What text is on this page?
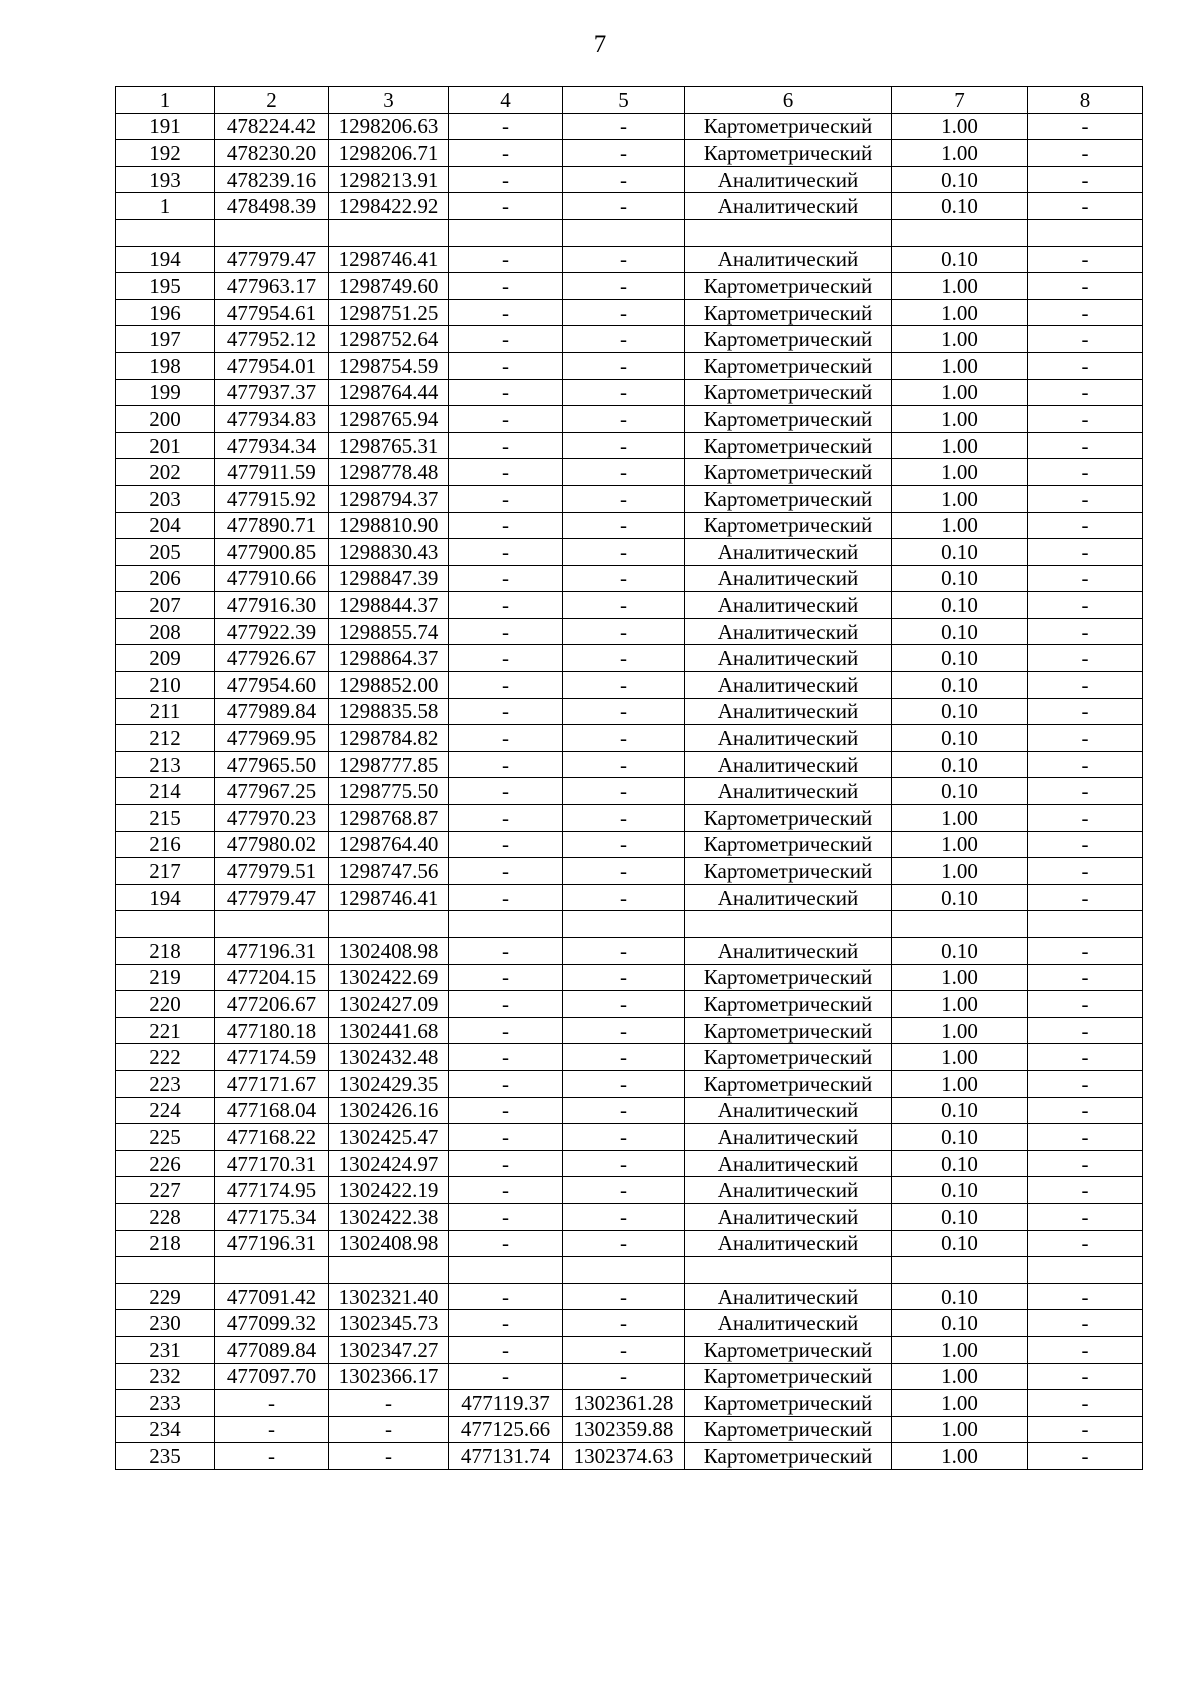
7
1	2	3	4	5	6	7	8
191	478224.42	1298206.63	-	-	Картометрический	1.00	-
192	478230.20	1298206.71	-	-	Картометрический	1.00	-
193	478239.16	1298213.91	-	-	Аналитический	0.10	-
1	478498.39	1298422.92	-	-	Аналитический	0.10	-

194	477979.47	1298746.41	-	-	Аналитический	0.10	-
195	477963.17	1298749.60	-	-	Картометрический	1.00	-
196	477954.61	1298751.25	-	-	Картометрический	1.00	-
197	477952.12	1298752.64	-	-	Картометрический	1.00	-
198	477954.01	1298754.59	-	-	Картометрический	1.00	-
199	477937.37	1298764.44	-	-	Картометрический	1.00	-
200	477934.83	1298765.94	-	-	Картометрический	1.00	-
201	477934.34	1298765.31	-	-	Картометрический	1.00	-
202	477911.59	1298778.48	-	-	Картометрический	1.00	-
203	477915.92	1298794.37	-	-	Картометрический	1.00	-
204	477890.71	1298810.90	-	-	Картометрический	1.00	-
205	477900.85	1298830.43	-	-	Аналитический	0.10	-
206	477910.66	1298847.39	-	-	Аналитический	0.10	-
207	477916.30	1298844.37	-	-	Аналитический	0.10	-
208	477922.39	1298855.74	-	-	Аналитический	0.10	-
209	477926.67	1298864.37	-	-	Аналитический	0.10	-
210	477954.60	1298852.00	-	-	Аналитический	0.10	-
211	477989.84	1298835.58	-	-	Аналитический	0.10	-
212	477969.95	1298784.82	-	-	Аналитический	0.10	-
213	477965.50	1298777.85	-	-	Аналитический	0.10	-
214	477967.25	1298775.50	-	-	Аналитический	0.10	-
215	477970.23	1298768.87	-	-	Картометрический	1.00	-
216	477980.02	1298764.40	-	-	Картометрический	1.00	-
217	477979.51	1298747.56	-	-	Картометрический	1.00	-
194	477979.47	1298746.41	-	-	Аналитический	0.10	-

218	477196.31	1302408.98	-	-	Аналитический	0.10	-
219	477204.15	1302422.69	-	-	Картометрический	1.00	-
220	477206.67	1302427.09	-	-	Картометрический	1.00	-
221	477180.18	1302441.68	-	-	Картометрический	1.00	-
222	477174.59	1302432.48	-	-	Картометрический	1.00	-
223	477171.67	1302429.35	-	-	Картометрический	1.00	-
224	477168.04	1302426.16	-	-	Аналитический	0.10	-
225	477168.22	1302425.47	-	-	Аналитический	0.10	-
226	477170.31	1302424.97	-	-	Аналитический	0.10	-
227	477174.95	1302422.19	-	-	Аналитический	0.10	-
228	477175.34	1302422.38	-	-	Аналитический	0.10	-
218	477196.31	1302408.98	-	-	Аналитический	0.10	-

229	477091.42	1302321.40	-	-	Аналитический	0.10	-
230	477099.32	1302345.73	-	-	Аналитический	0.10	-
231	477089.84	1302347.27	-	-	Картометрический	1.00	-
232	477097.70	1302366.17	-	-	Картометрический	1.00	-
233	-	-	477119.37	1302361.28	Картометрический	1.00	-
234	-	-	477125.66	1302359.88	Картометрический	1.00	-
235	-	-	477131.74	1302374.63	Картометрический	1.00	-
